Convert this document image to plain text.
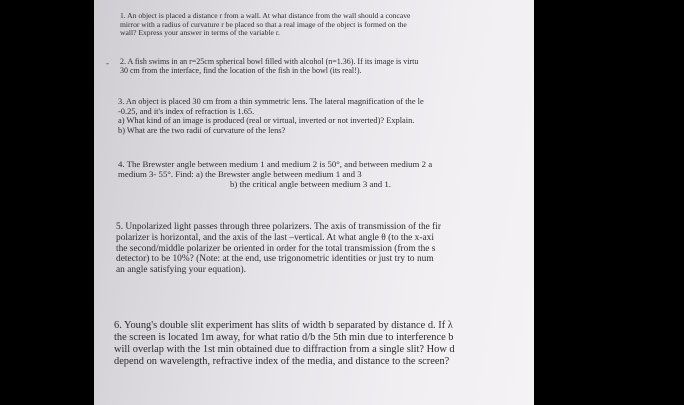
1. An object is placed a distance r from a wall. At what distance from the wall should a concave
mirror with a radius of curvature r be placed so that a real image of the object is formed on the
wall? Express your answer in terms of the variable r.
- 2. A fish swims in an r=25cm spherical bowl filled with alcohol (n=1.36). If its image is virtu
30 cm from the interface, find the location of the fish in the bowl (its real!).
3. An object is placed 30 cm from a thin symmetric lens. The lateral magnification of the le
-0.25, and it's index of refraction is 1.65.
a) What kind of an image is produced (real or virtual, inverted or not inverted)? Explain.
b) What are the two radii of curvature of the lens?
4. The Brewster angle between medium 1 and medium 2 is 50°, and between medium 2 a
medium 3- 55°. Find: a) the Brewster angle between medium 1 and 3
b) the critical angle between medium 3 and 1.
5. Unpolarized light passes through three polarizers. The axis of transmission of the fir
polarizer is horizontal, and the axis of the last –vertical. At what angle θ (to the x-axi
the second/middle polarizer be oriented in order for the total transmission (from the s
detector) to be 10%? (Note: at the end, use trigonometric identities or just try to num
an angle satisfying your equation).
6. Young's double slit experiment has slits of width b separated by distance d. If λ
the screen is located 1m away, for what ratio d/b the 5th min due to interference b
will overlap with the 1st min obtained due to diffraction from a single slit? How d
depend on wavelength, refractive index of the media, and distance to the screen?
